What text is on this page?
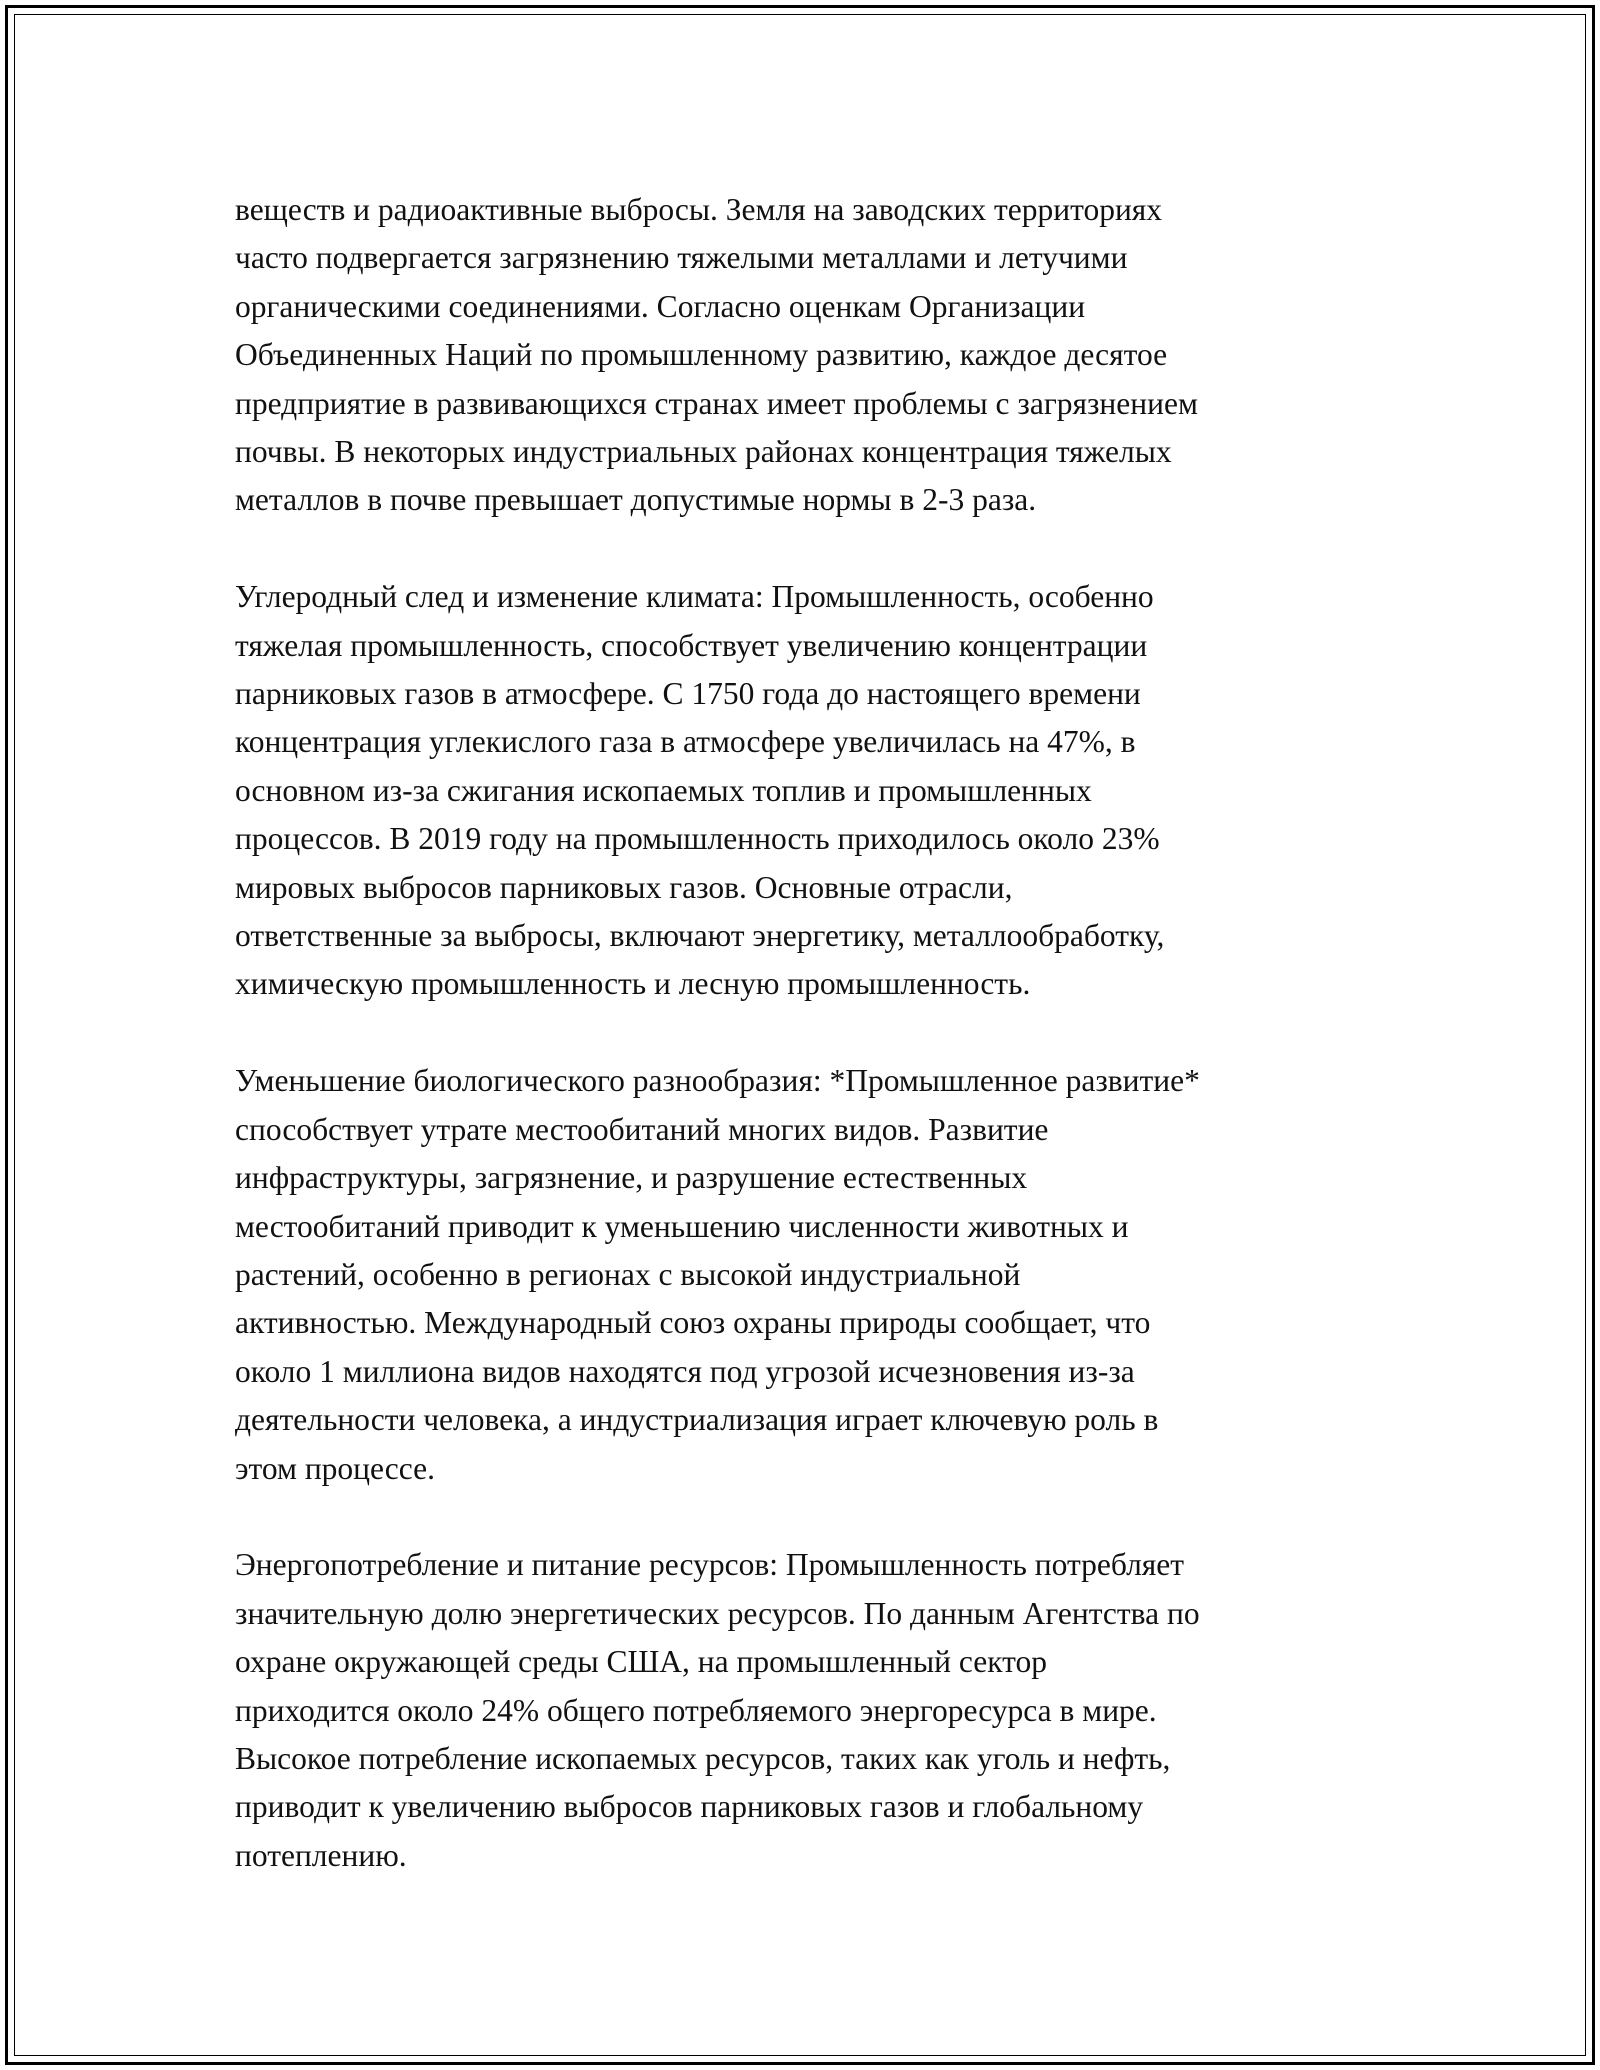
веществ и радиоактивные выбросы. Земля на заводских территориях
часто подвергается загрязнению тяжелыми металлами и летучими
органическими соединениями. Согласно оценкам Организации
Объединенных Наций по промышленному развитию, каждое десятое
предприятие в развивающихся странах имеет проблемы с загрязнением
почвы. В некоторых индустриальных районах концентрация тяжелых
металлов в почве превышает допустимые нормы в 2-3 раза.

Углеродный след и изменение климата: Промышленность, особенно
тяжелая промышленность, способствует увеличению концентрации
парниковых газов в атмосфере. С 1750 года до настоящего времени
концентрация углекислого газа в атмосфере увеличилась на 47%, в
основном из-за сжигания ископаемых топлив и промышленных
процессов. В 2019 году на промышленность приходилось около 23%
мировых выбросов парниковых газов. Основные отрасли,
ответственные за выбросы, включают энергетику, металлообработку,
химическую промышленность и лесную промышленность.

Уменьшение биологического разнообразия: *Промышленное развитие*
способствует утрате местообитаний многих видов. Развитие
инфраструктуры, загрязнение, и разрушение естественных
местообитаний приводит к уменьшению численности животных и
растений, особенно в регионах с высокой индустриальной
активностью. Международный союз охраны природы сообщает, что
около 1 миллиона видов находятся под угрозой исчезновения из-за
деятельности человека, а индустриализация играет ключевую роль в
этом процессе.

Энергопотребление и питание ресурсов: Промышленность потребляет
значительную долю энергетических ресурсов. По данным Агентства по
охране окружающей среды США, на промышленный сектор
приходится около 24% общего потребляемого энергоресурса в мире.
Высокое потребление ископаемых ресурсов, таких как уголь и нефть,
приводит к увеличению выбросов парниковых газов и глобальному
потеплению.
